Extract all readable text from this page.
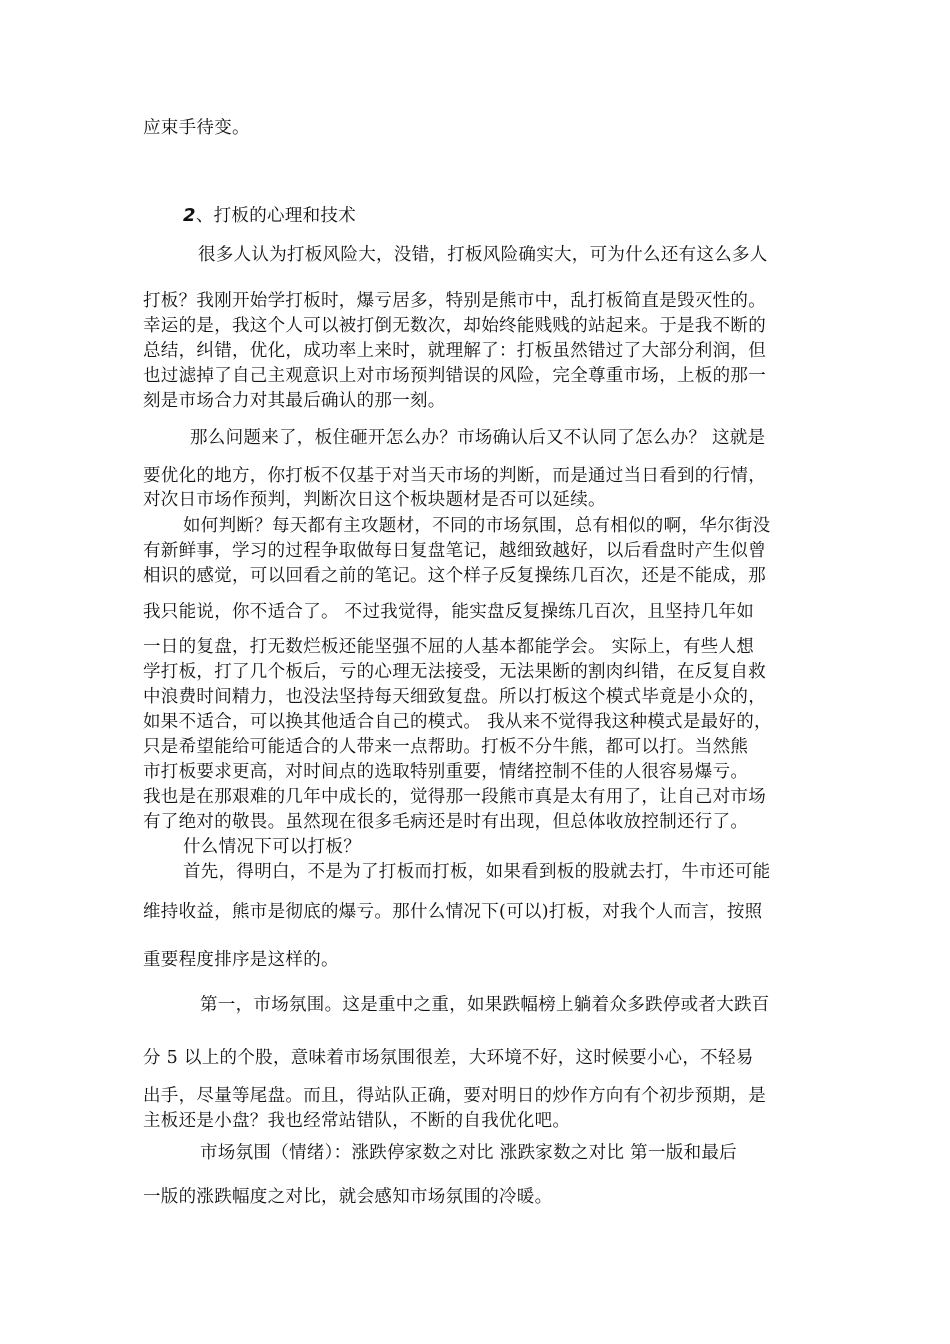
应束手待变。
2、打板的心理和技术
很多人认为打板风险大，没错，打板风险确实大，可为什么还有这么多人
打板？我刚开始学打板时，爆亏居多，特别是熊市中，乱打板简直是毁灭性的。
幸运的是，我这个人可以被打倒无数次，却始终能贱贱的站起来。于是我不断的
总结，纠错，优化，成功率上来时，就理解了：打板虽然错过了大部分利润，但
也过滤掉了自己主观意识上对市场预判错误的风险，完全尊重市场，上板的那一
刻是市场合力对其最后确认的那一刻。
那么问题来了，板住砸开怎么办？市场确认后又不认同了怎么办？ 这就是
要优化的地方，你打板不仅基于对当天市场的判断，而是通过当日看到的行情，
对次日市场作预判，判断次日这个板块题材是否可以延续。
如何判断？每天都有主攻题材，不同的市场氛围，总有相似的啊，华尔街没
有新鲜事，学习的过程争取做每日复盘笔记，越细致越好，以后看盘时产生似曾
相识的感觉，可以回看之前的笔记。这个样子反复操练几百次，还是不能成，那
我只能说，你不适合了。 不过我觉得，能实盘反复操练几百次，且坚持几年如
一日的复盘，打无数烂板还能坚强不屈的人基本都能学会。 实际上，有些人想
学打板，打了几个板后，亏的心理无法接受，无法果断的割肉纠错，在反复自救
中浪费时间精力，也没法坚持每天细致复盘。所以打板这个模式毕竟是小众的，
如果不适合，可以换其他适合自己的模式。 我从来不觉得我这种模式是最好的，
只是希望能给可能适合的人带来一点帮助。打板不分牛熊，都可以打。当然熊
市打板要求更高，对时间点的选取特别重要，情绪控制不佳的人很容易爆亏。
我也是在那艰难的几年中成长的，觉得那一段熊市真是太有用了，让自己对市场
有了绝对的敬畏。虽然现在很多毛病还是时有出现，但总体收放控制还行了。
什么情况下可以打板？
首先，得明白，不是为了打板而打板，如果看到板的股就去打，牛市还可能
维持收益，熊市是彻底的爆亏。那什么情况下(可以)打板，对我个人而言，按照
重要程度排序是这样的。
第一，市场氛围。这是重中之重，如果跌幅榜上躺着众多跌停或者大跌百
分 5 以上的个股，意味着市场氛围很差，大环境不好，这时候要小心，不轻易
出手，尽量等尾盘。而且，得站队正确，要对明日的炒作方向有个初步预期，是
主板还是小盘？我也经常站错队，不断的自我优化吧。
市场氛围（情绪）：涨跌停家数之对比 涨跌家数之对比 第一版和最后
一版的涨跌幅度之对比，就会感知市场氛围的冷暖。
